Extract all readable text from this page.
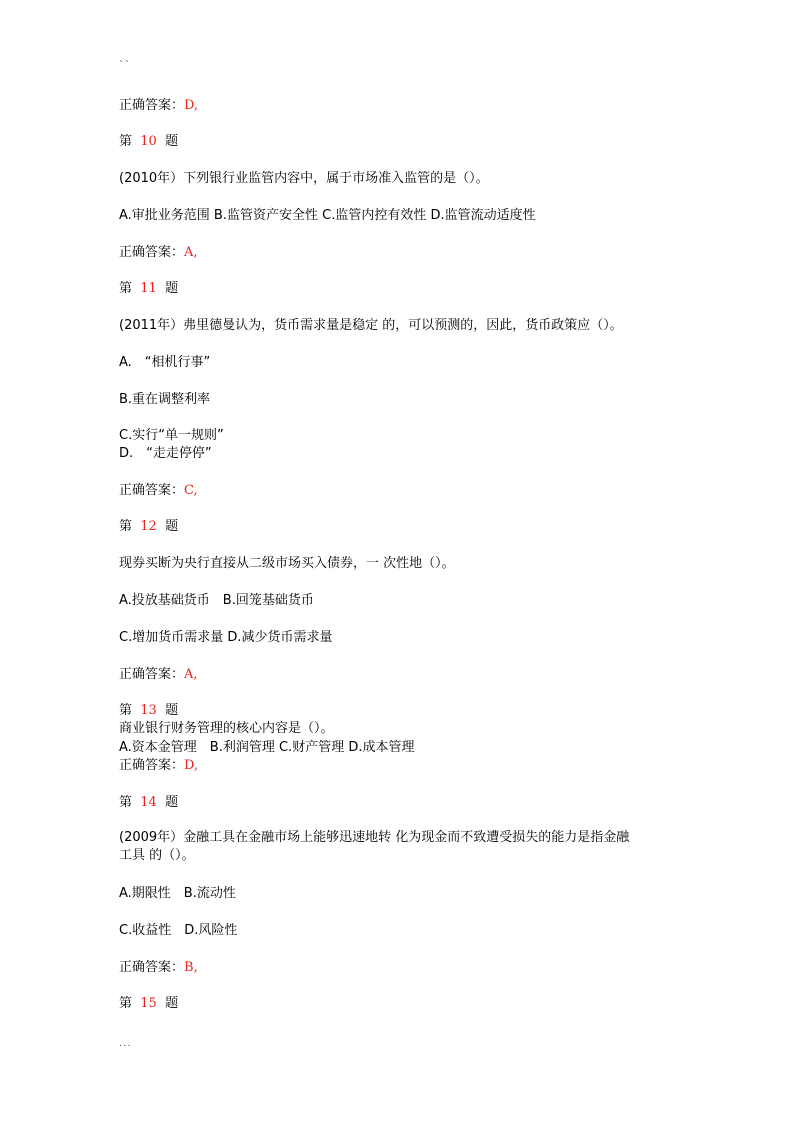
``
正确答案：D,
第 10 题
(2010年）下列银行业监管内容中，属于市场准入监管的是（）。
A.审批业务范围 B.监管资产安全性 C.监管内控有效性 D.监管流动适度性
正确答案：A,
第 11 题
(2011年）弗里德曼认为，货币需求量是稳定 的，可以预测的，因此，货币政策应（）。
A.　“相机行事”
B.重在调整利率
C.实行“单一规则”
D.　“走走停停”
正确答案：C,
第 12 题
现券买断为央行直接从二级市场买入债券，一 次性地（）。
A.投放基础货币　B.回笼基础货币
C.增加货币需求量 D.减少货币需求量
正确答案：A,
第 13 题
商业银行财务管理的核心内容是（）。
A.资本金管理　B.利润管理 C.财产管理 D.成本管理
正确答案：D,
第 14 题
(2009年）金融工具在金融市场上能够迅速地转 化为现金而不致遭受损失的能力是指金融
工具 的（）。
A.期限性　B.流动性
C.收益性　D.风险性
正确答案：B,
第 15 题
...
